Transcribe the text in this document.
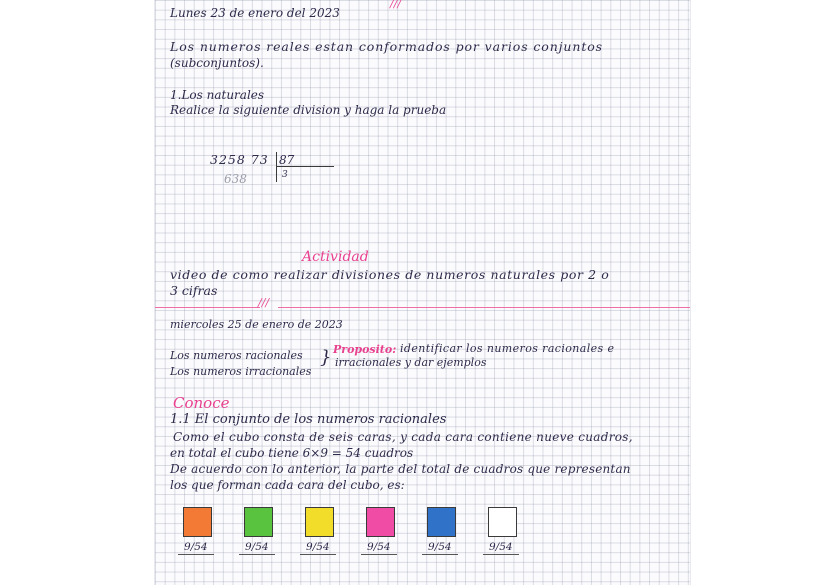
Lunes 23 de enero del 2023
///
Los numeros reales estan conformados por varios conjuntos
(subconjuntos).
1.Los naturales
Realice la siguiente division y haga la prueba
3258 73 87
3
638
Actividad
video de como realizar divisiones de numeros naturales por 2 o
3 cifras
///
miercoles 25 de enero de 2023
Los numeros racionales
Los numeros irracionales
} Proposito: identificar los numeros racionales e
irracionales y dar ejemplos
Conoce
1.1 El conjunto de los numeros racionales
Como el cubo consta de seis caras, y cada cara contiene nueve cuadros,
en total el cubo tiene 6×9 = 54 cuadros
De acuerdo con lo anterior, la parte del total de cuadros que representan
los que forman cada cara del cubo, es:
9/54	9/54	9/54	9/54	9/54	9/54
